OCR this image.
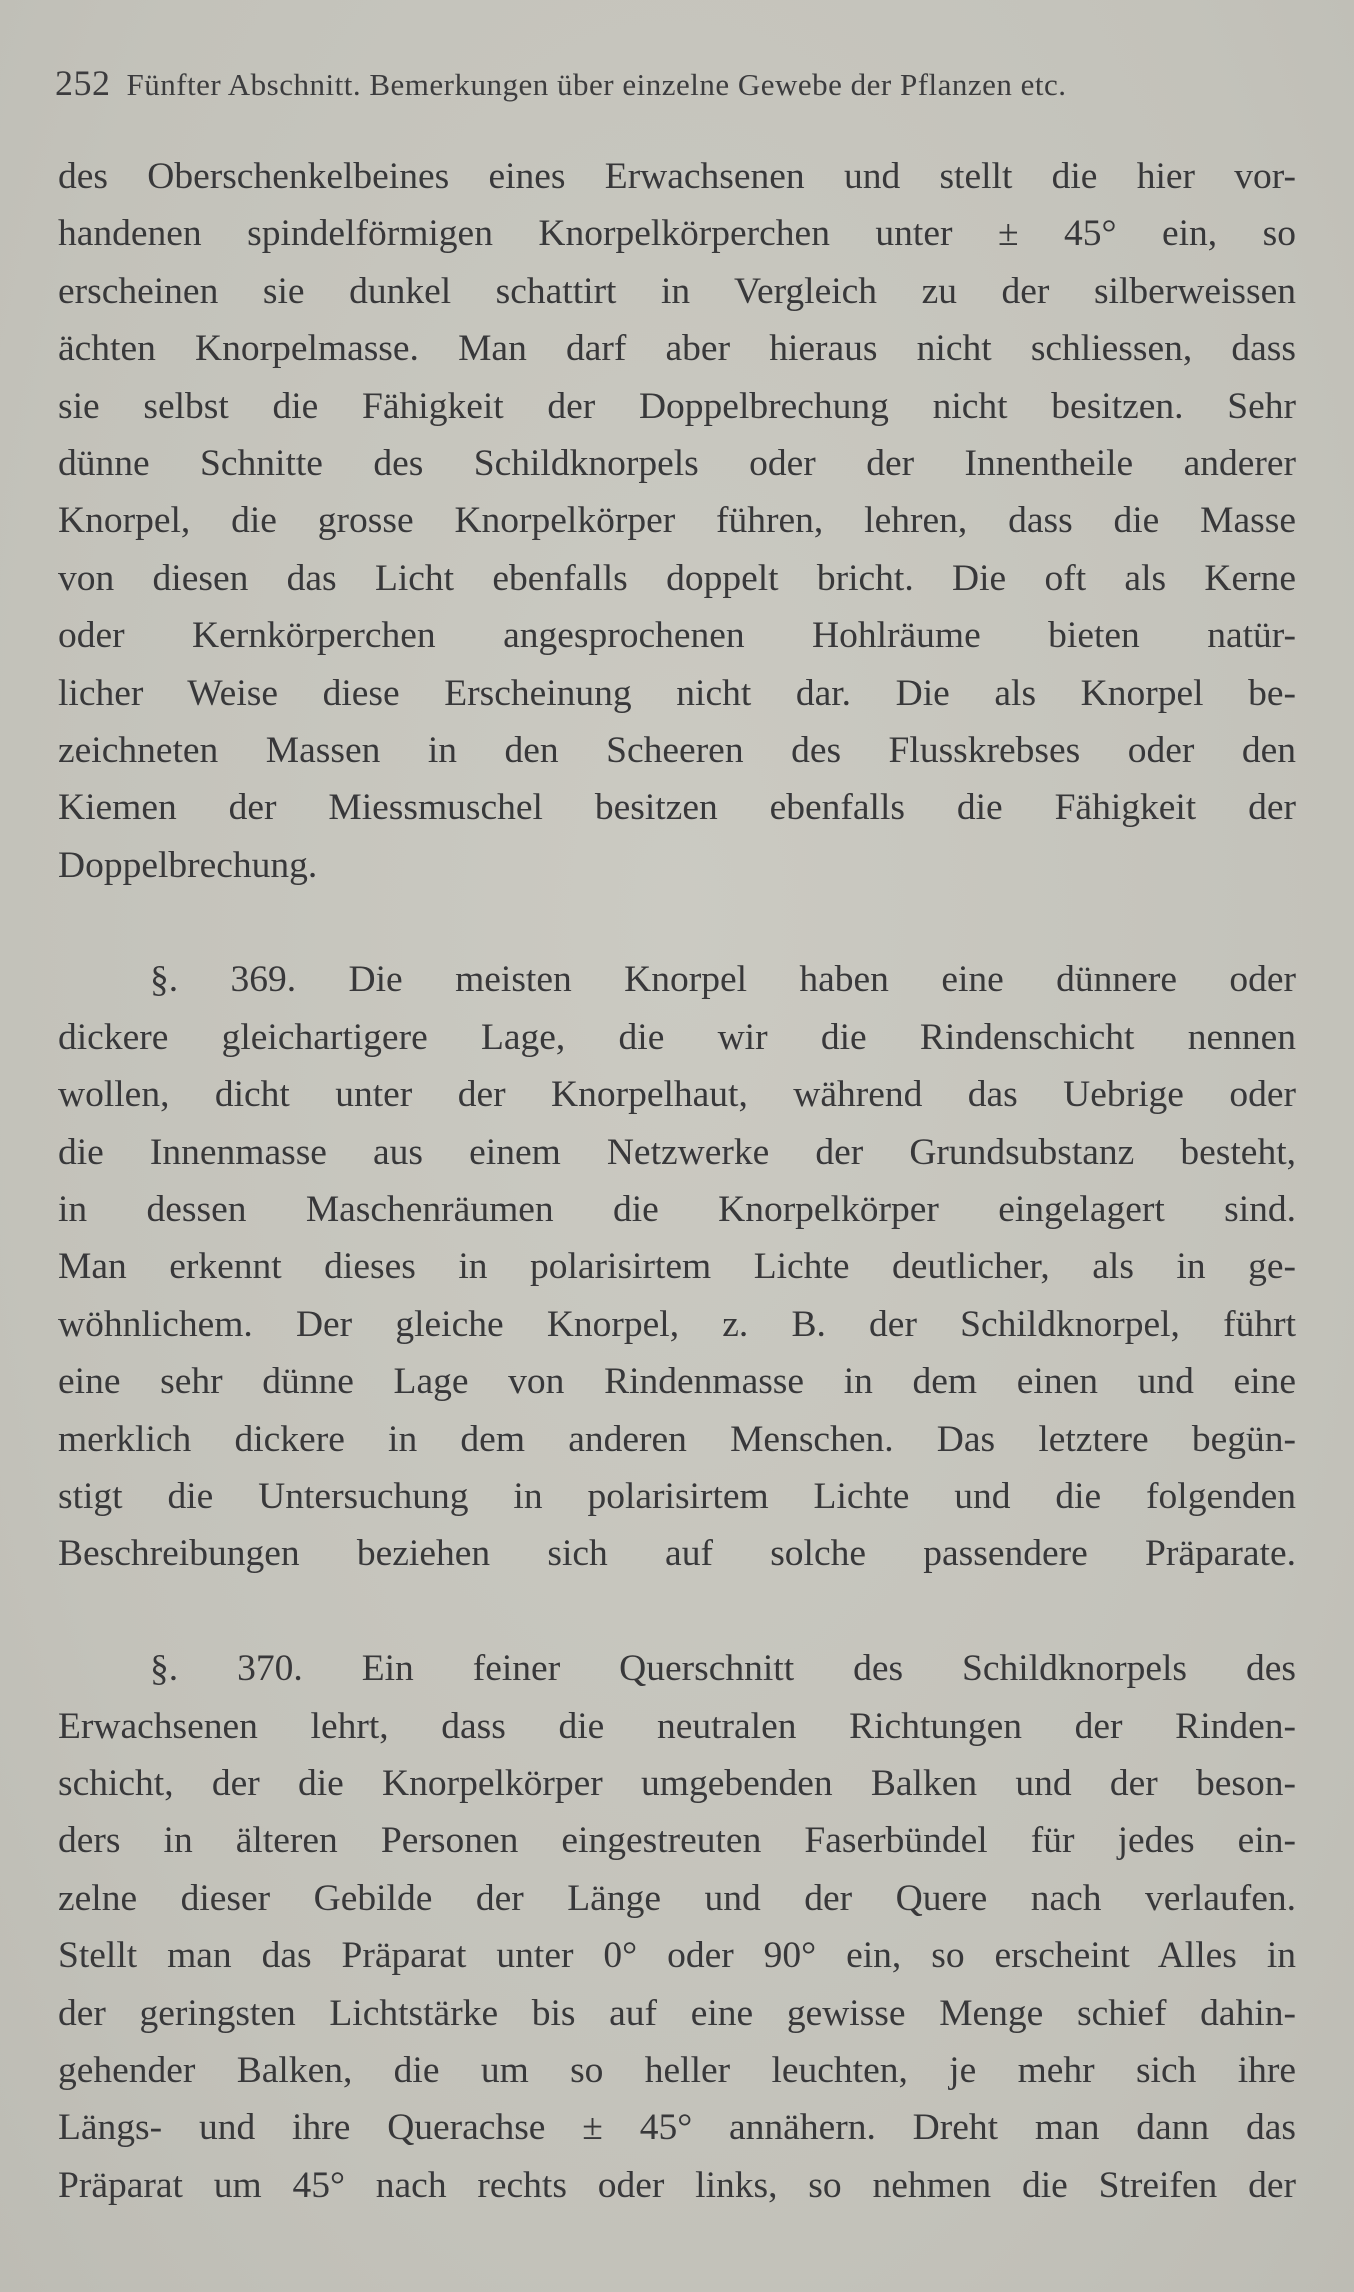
252 Fünfter Abschnitt. Bemerkungen über einzelne Gewebe der Pflanzen etc.
des Oberschenkelbeines eines Erwachsenen und stellt die hier vor-
handenen spindelförmigen Knorpelkörperchen unter ± 45° ein, so
erscheinen sie dunkel schattirt in Vergleich zu der silberweissen
ächten Knorpelmasse. Man darf aber hieraus nicht schliessen, dass
sie selbst die Fähigkeit der Doppelbrechung nicht besitzen. Sehr
dünne Schnitte des Schildknorpels oder der Innentheile anderer
Knorpel, die grosse Knorpelkörper führen, lehren, dass die Masse
von diesen das Licht ebenfalls doppelt bricht. Die oft als Kerne
oder Kernkörperchen angesprochenen Hohlräume bieten natür-
licher Weise diese Erscheinung nicht dar. Die als Knorpel be-
zeichneten Massen in den Scheeren des Flusskrebses oder den
Kiemen der Miessmuschel besitzen ebenfalls die Fähigkeit der
Doppelbrechung.
§. 369. Die meisten Knorpel haben eine dünnere oder
dickere gleichartigere Lage, die wir die Rindenschicht nennen
wollen, dicht unter der Knorpelhaut, während das Uebrige oder
die Innenmasse aus einem Netzwerke der Grundsubstanz besteht,
in dessen Maschenräumen die Knorpelkörper eingelagert sind.
Man erkennt dieses in polarisirtem Lichte deutlicher, als in ge-
wöhnlichem. Der gleiche Knorpel, z. B. der Schildknorpel, führt
eine sehr dünne Lage von Rindenmasse in dem einen und eine
merklich dickere in dem anderen Menschen. Das letztere begün-
stigt die Untersuchung in polarisirtem Lichte und die folgenden
Beschreibungen beziehen sich auf solche passendere Präparate.
§. 370. Ein feiner Querschnitt des Schildknorpels des
Erwachsenen lehrt, dass die neutralen Richtungen der Rinden-
schicht, der die Knorpelkörper umgebenden Balken und der beson-
ders in älteren Personen eingestreuten Faserbündel für jedes ein-
zelne dieser Gebilde der Länge und der Quere nach verlaufen.
Stellt man das Präparat unter 0° oder 90° ein, so erscheint Alles in
der geringsten Lichtstärke bis auf eine gewisse Menge schief dahin-
gehender Balken, die um so heller leuchten, je mehr sich ihre
Längs- und ihre Querachse ± 45° annähern. Dreht man dann das
Präparat um 45° nach rechts oder links, so nehmen die Streifen der
